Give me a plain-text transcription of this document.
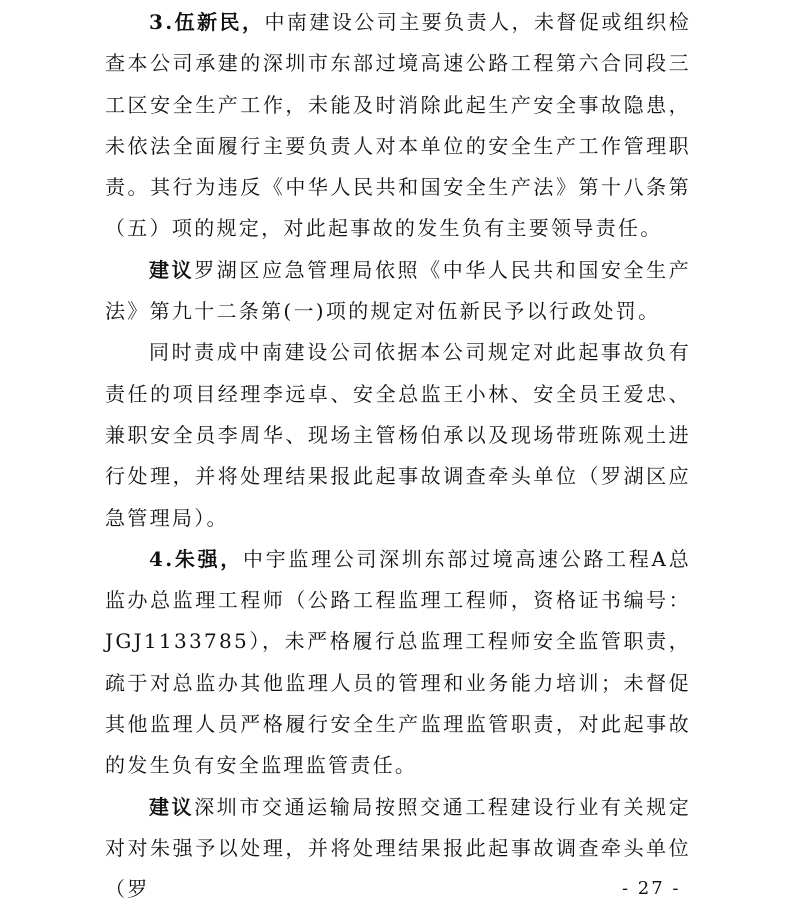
3.伍新民，中南建设公司主要负责人，未督促或组织检查本公司承建的深圳市东部过境高速公路工程第六合同段三工区安全生产工作，未能及时消除此起生产安全事故隐患，未依法全面履行主要负责人对本单位的安全生产工作管理职责。其行为违反《中华人民共和国安全生产法》第十八条第（五）项的规定，对此起事故的发生负有主要领导责任。

建议罗湖区应急管理局依照《中华人民共和国安全生产法》第九十二条第(一)项的规定对伍新民予以行政处罚。

同时责成中南建设公司依据本公司规定对此起事故负有责任的项目经理李远卓、安全总监王小林、安全员王爱忠、兼职安全员李周华、现场主管杨伯承以及现场带班陈观土进行处理，并将处理结果报此起事故调查牵头单位（罗湖区应急管理局）。

4.朱强，中宇监理公司深圳东部过境高速公路工程A总监办总监理工程师（公路工程监理工程师，资格证书编号：JGJ1133785），未严格履行总监理工程师安全监管职责，疏于对总监办其他监理人员的管理和业务能力培训；未督促其他监理人员严格履行安全生产监理监管职责，对此起事故的发生负有安全监理监管责任。

建议深圳市交通运输局按照交通工程建设行业有关规定对对朱强予以处理，并将处理结果报此起事故调查牵头单位（罗	- 27 -
